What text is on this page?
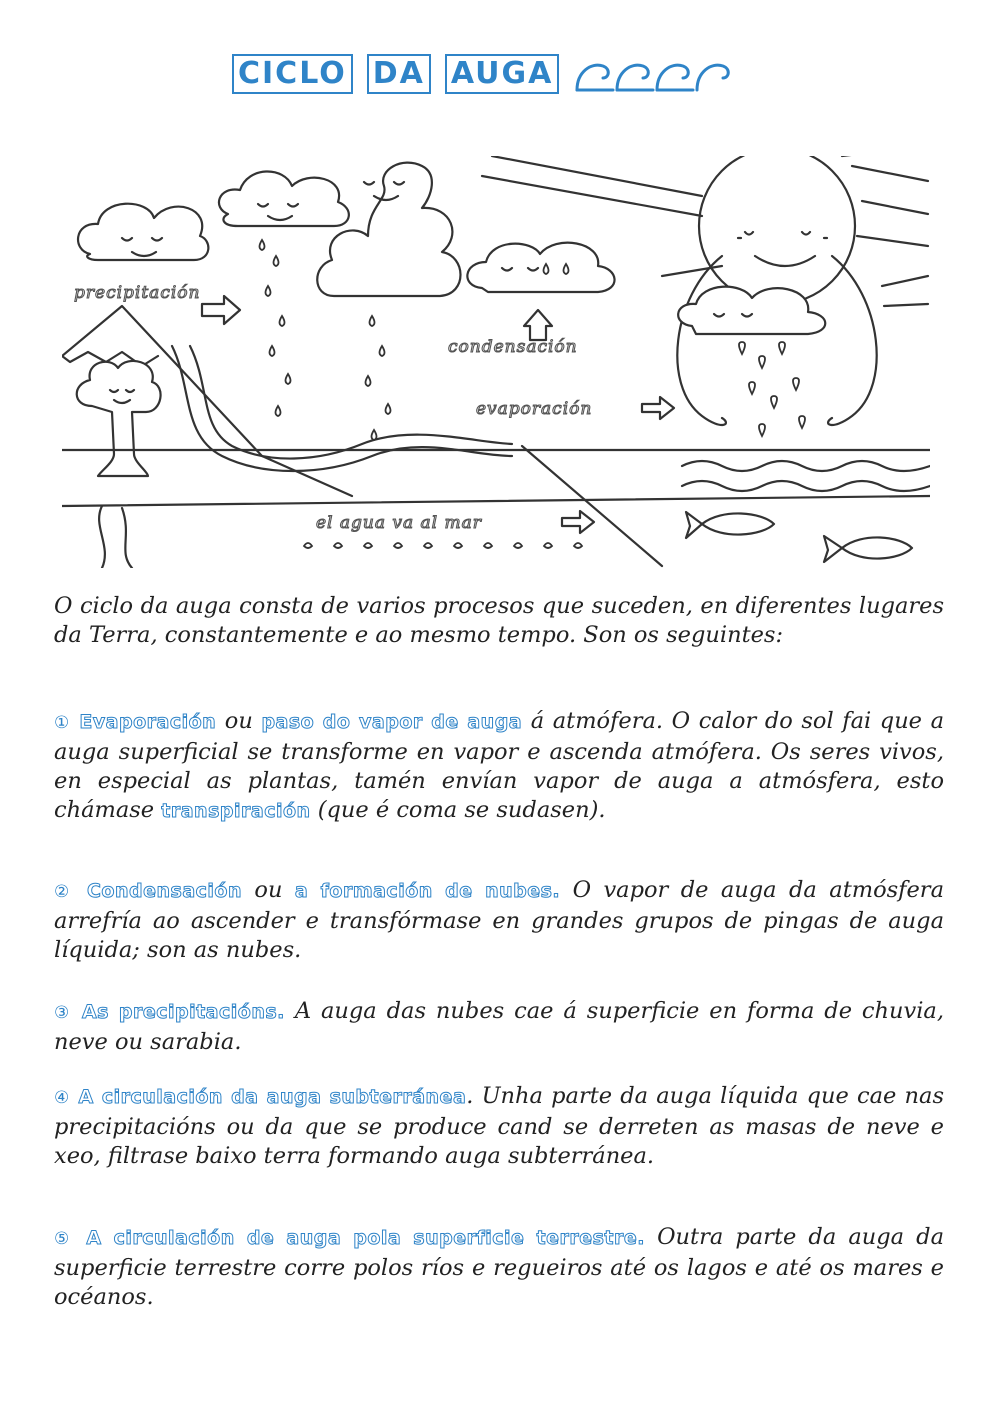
CICLO DA AUGA
precipitación
condensación
evaporación
el agua va al mar
O ciclo da auga consta de varios procesos que suceden, en diferentes lugares da Terra, constantemente e ao mesmo tempo. Son os seguintes:
① Evaporación ou paso do vapor de auga á atmófera. O calor do sol fai que a auga superficial se transforme en vapor e ascenda atmófera. Os seres vivos, en especial as plantas, tamén envían vapor de auga a atmósfera, esto chámase transpiración (que é coma se sudasen).
② Condensación ou a formación de nubes. O vapor de auga da atmósfera arrefría ao ascender e transfórmase en grandes grupos de pingas de auga líquida; son as nubes.
③ As precipitacións. A auga das nubes cae á superficie en forma de chuvia, neve ou sarabia.
④ A circulación da auga subterránea. Unha parte da auga líquida que cae nas precipitacións ou da que se produce cand se derreten as masas de neve e xeo, filtrase baixo terra formando auga subterránea.
⑤ A circulación de auga pola superficie terrestre. Outra parte da auga da superficie terrestre corre polos ríos e regueiros até os lagos e até os mares e océanos.
